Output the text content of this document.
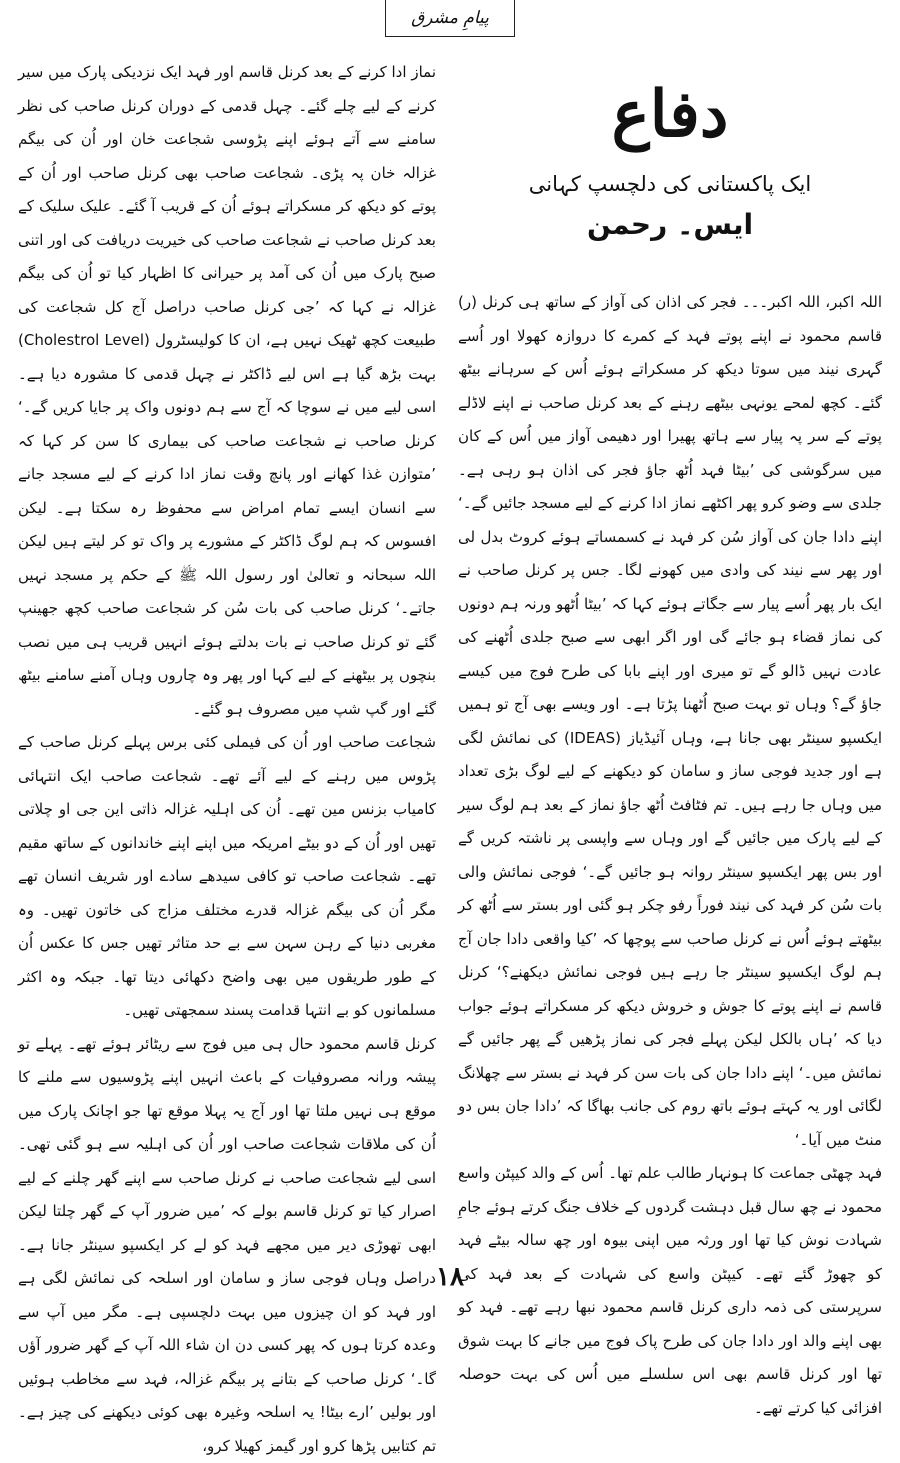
پیامِ مشرق
دفاع
ایک پاکستانی کی دلچسپ کہانی
ایس۔ رحمن

اللہ اکبر، اللہ اکبر۔۔۔ فجر کی اذان کی آواز کے ساتھ ہی کرنل (ر) قاسم محمود نے اپنے پوتے فہد کے کمرے کا دروازہ کھولا اور اُسے گہری نیند میں سوتا دیکھ کر مسکراتے ہوئے اُس کے سرہانے بیٹھ گئے۔ کچھ لمحے یونہی بیٹھے رہنے کے بعد کرنل صاحب نے اپنے لاڈلے پوتے کے سر پہ پیار سے ہاتھ پھیرا اور دھیمی آواز میں اُس کے کان میں سرگوشی کی ’بیٹا فہد اُٹھ جاؤ فجر کی اذان ہو رہی ہے۔ جلدی سے وضو کرو پھر اکٹھے نماز ادا کرنے کے لیے مسجد جائیں گے۔‘ اپنے دادا جان کی آواز سُن کر فہد نے کسمساتے ہوئے کروٹ بدل لی اور پھر سے نیند کی وادی میں کھونے لگا۔ جس پر کرنل صاحب نے ایک بار پھر اُسے پیار سے جگاتے ہوئے کہا کہ ’بیٹا اُٹھو ورنہ ہم دونوں کی نماز قضاء ہو جائے گی اور اگر ابھی سے صبح جلدی اُٹھنے کی عادت نہیں ڈالو گے تو میری اور اپنے بابا کی طرح فوج میں کیسے جاؤ گے؟ وہاں تو بہت صبح اُٹھنا پڑتا ہے۔ اور ویسے بھی آج تو ہمیں ایکسپو سینٹر بھی جانا ہے، وہاں آئیڈیاز (IDEAS) کی نمائش لگی ہے اور جدید فوجی ساز و سامان کو دیکھنے کے لیے لوگ بڑی تعداد میں وہاں جا رہے ہیں۔ تم فٹافٹ اُٹھ جاؤ نماز کے بعد ہم لوگ سیر کے لیے پارک میں جائیں گے اور وہاں سے واپسی پر ناشتہ کریں گے اور بس پھر ایکسپو سینٹر روانہ ہو جائیں گے۔‘ فوجی نمائش والی بات سُن کر فہد کی نیند فوراً رفو چکر ہو گئی اور بستر سے اُٹھ کر بیٹھتے ہوئے اُس نے کرنل صاحب سے پوچھا کہ ’کیا واقعی دادا جان آج ہم لوگ ایکسپو سینٹر جا رہے ہیں فوجی نمائش دیکھنے؟‘ کرنل قاسم نے اپنے پوتے کا جوش و خروش دیکھ کر مسکراتے ہوئے جواب دیا کہ ’ہاں بالکل لیکن پہلے فجر کی نماز پڑھیں گے پھر جائیں گے نمائش میں۔‘ اپنے دادا جان کی بات سن کر فہد نے بستر سے چھلانگ لگائی اور یہ کہتے ہوئے باتھ روم کی جانب بھاگا کہ ’دادا جان بس دو منٹ میں آیا۔‘

فہد چھٹی جماعت کا ہونہار طالب علم تھا۔ اُس کے والد کیپٹن واسع محمود نے چھ سال قبل دہشت گردوں کے خلاف جنگ کرتے ہوئے جامِ شہادت نوش کیا تھا اور ورثہ میں اپنی بیوہ اور چھ سالہ بیٹے فہد کو چھوڑ گئے تھے۔ کیپٹن واسع کی شہادت کے بعد فہد کی سرپرستی کی ذمہ داری کرنل قاسم محمود نبھا رہے تھے۔ فہد کو بھی اپنے والد اور دادا جان کی طرح پاک فوج میں جانے کا بہت شوق تھا اور کرنل قاسم بھی اس سلسلے میں اُس کی بہت حوصلہ افزائی کیا کرتے تھے۔

نماز ادا کرنے کے بعد کرنل قاسم اور فہد ایک نزدیکی پارک میں سیر کرنے کے لیے چلے گئے۔ چہل قدمی کے دوران کرنل صاحب کی نظر سامنے سے آتے ہوئے اپنے پڑوسی شجاعت خان اور اُن کی بیگم غزالہ خان پہ پڑی۔ شجاعت صاحب بھی کرنل صاحب اور اُن کے پوتے کو دیکھ کر مسکراتے ہوئے اُن کے قریب آ گئے۔ علیک سلیک کے بعد کرنل صاحب نے شجاعت صاحب کی خیریت دریافت کی اور اتنی صبح پارک میں اُن کی آمد پر حیرانی کا اظہار کیا تو اُن کی بیگم غزالہ نے کہا کہ ’جی کرنل صاحب دراصل آج کل شجاعت کی طبیعت کچھ ٹھیک نہیں ہے، ان کا کولیسٹرول (Cholestrol Level) بہت بڑھ گیا ہے اس لیے ڈاکٹر نے چہل قدمی کا مشورہ دیا ہے۔ اسی لیے میں نے سوچا کہ آج سے ہم دونوں واک پر جایا کریں گے۔‘ کرنل صاحب نے شجاعت صاحب کی بیماری کا سن کر کہا کہ ’متوازن غذا کھانے اور پانچ وقت نماز ادا کرنے کے لیے مسجد جانے سے انسان ایسے تمام امراض سے محفوظ رہ سکتا ہے۔ لیکن افسوس کہ ہم لوگ ڈاکٹر کے مشورے پر واک تو کر لیتے ہیں لیکن اللہ سبحانہ و تعالیٰ اور رسول اللہ ﷺ کے حکم پر مسجد نہیں جاتے۔‘ کرنل صاحب کی بات سُن کر شجاعت صاحب کچھ جھینپ گئے تو کرنل صاحب نے بات بدلتے ہوئے انہیں قریب ہی میں نصب بنچوں پر بیٹھنے کے لیے کہا اور پھر وہ چاروں وہاں آمنے سامنے بیٹھ گئے اور گپ شپ میں مصروف ہو گئے۔

شجاعت صاحب اور اُن کی فیملی کئی برس پہلے کرنل صاحب کے پڑوس میں رہنے کے لیے آئے تھے۔ شجاعت صاحب ایک انتہائی کامیاب بزنس مین تھے۔ اُن کی اہلیہ غزالہ ذاتی این جی او چلاتی تھیں اور اُن کے دو بیٹے امریکہ میں اپنے اپنے خاندانوں کے ساتھ مقیم تھے۔ شجاعت صاحب تو کافی سیدھے سادے اور شریف انسان تھے مگر اُن کی بیگم غزالہ قدرے مختلف مزاج کی خاتون تھیں۔ وہ مغربی دنیا کے رہن سہن سے بے حد متاثر تھیں جس کا عکس اُن کے طور طریقوں میں بھی واضح دکھائی دیتا تھا۔ جبکہ وہ اکثر مسلمانوں کو بے انتہا قدامت پسند سمجھتی تھیں۔

کرنل قاسم محمود حال ہی میں فوج سے ریٹائر ہوئے تھے۔ پہلے تو پیشہ ورانہ مصروفیات کے باعث انہیں اپنے پڑوسیوں سے ملنے کا موقع ہی نہیں ملتا تھا اور آج یہ پہلا موقع تھا جو اچانک پارک میں اُن کی ملاقات شجاعت صاحب اور اُن کی اہلیہ سے ہو گئی تھی۔ اسی لیے شجاعت صاحب نے کرنل صاحب سے اپنے گھر چلنے کے لیے اصرار کیا تو کرنل قاسم بولے کہ ’میں ضرور آپ کے گھر چلتا لیکن ابھی تھوڑی دیر میں مجھے فہد کو لے کر ایکسپو سینٹر جانا ہے۔ دراصل وہاں فوجی ساز و سامان اور اسلحہ کی نمائش لگی ہے اور فہد کو ان چیزوں میں بہت دلچسپی ہے۔ مگر میں آپ سے وعدہ کرتا ہوں کہ پھر کسی دن ان شاء اللہ آپ کے گھر ضرور آؤں گا۔‘ کرنل صاحب کے بتانے پر بیگم غزالہ، فہد سے مخاطب ہوئیں اور بولیں ’ارے بیٹا! یہ اسلحہ وغیرہ بھی کوئی دیکھنے کی چیز ہے۔ تم کتابیں پڑھا کرو اور گیمز کھیلا کرو،

۱۸
